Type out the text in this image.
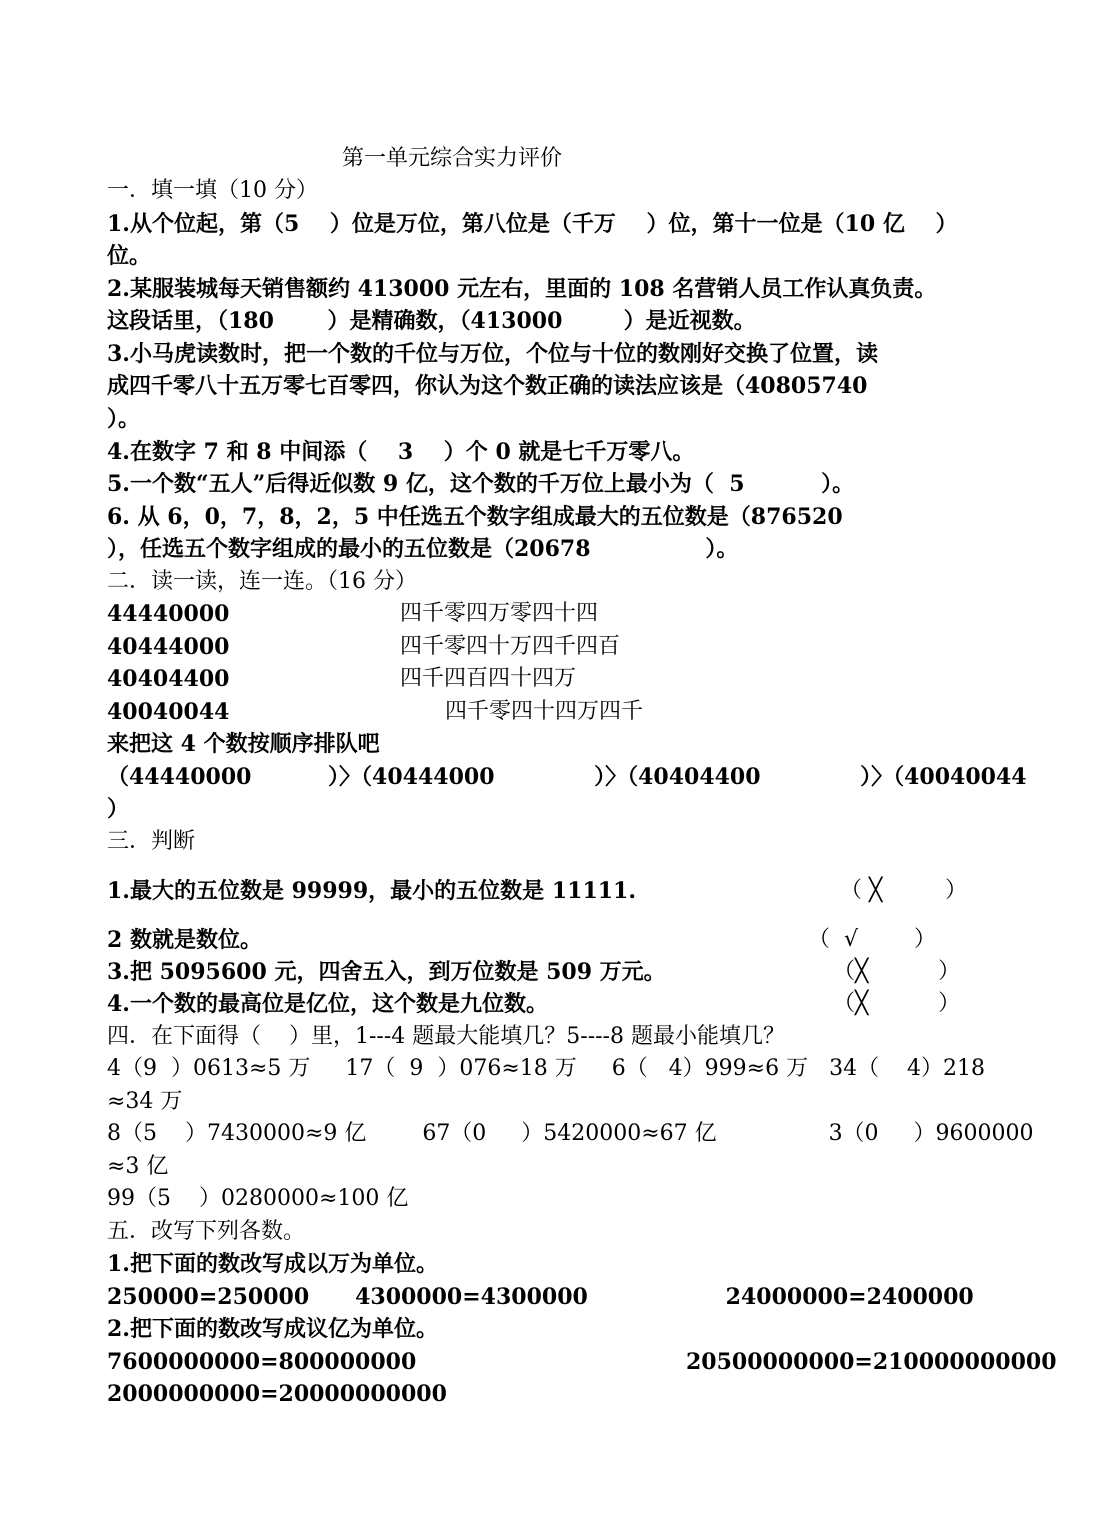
第一单元综合实力评价
一．填一填（10 分）
1.从个位起，第（5    ）位是万位，第八位是（千万    ）位，第十一位是（10 亿    ）
位。
2.某服装城每天销售额约 413000 元左右，里面的 108 名营销人员工作认真负责。
这段话里，（180       ）是精确数，（413000        ）是近视数。
3.小马虎读数时，把一个数的千位与万位，个位与十位的数刚好交换了位置，读
成四千零八十五万零七百零四，你认为这个数正确的读法应该是（40805740
）。
4.在数字 7 和 8 中间添（    3    ）个 0 就是七千万零八。
5.一个数“五人”后得近似数 9 亿，这个数的千万位上最小为（  5          ）。
6. 从 6，0，7，8，2，5 中任选五个数字组成最大的五位数是（876520
），任选五个数字组成的最小的五位数是（20678               ）。
二．读一读，连一连。（16 分）
44440000	四千零四万零四十四
40444000	四千零四十万四千四百
40404400	四千四百四十四万
40040044	四千零四十四万四千
来把这 4 个数按顺序排队吧
（44440000          ）〉（40444000             ）〉（40404400             ）〉（40040044
）
三．判断
1.最大的五位数是 99999，最小的五位数是 11111.	（ ╳         ）
2 数就是数位。	（  √        ）
3.把 5095600 元，四舍五入，到万位数是 509 万元。	（╳          ）
4.一个数的最高位是亿位，这个数是九位数。	（╳          ）
四．在下面得（    ）里，1---4 题最大能填几？5----8 题最小能填几？
4（9  ）0613≈5 万     17（  9  ）076≈18 万     6（   4）999≈6 万   34（    4）218
≈34 万
8（5    ）7430000≈9 亿        67（0     ）5420000≈67 亿                3（0     ）9600000
≈3 亿
99（5    ）0280000≈100 亿
五．改写下列各数。
1.把下面的数改写成以万为单位。
250000=250000      4300000=4300000                  24000000=2400000
2.把下面的数改写成议亿为单位。
7600000000=800000000	20500000000=210000000000
2000000000=20000000000
